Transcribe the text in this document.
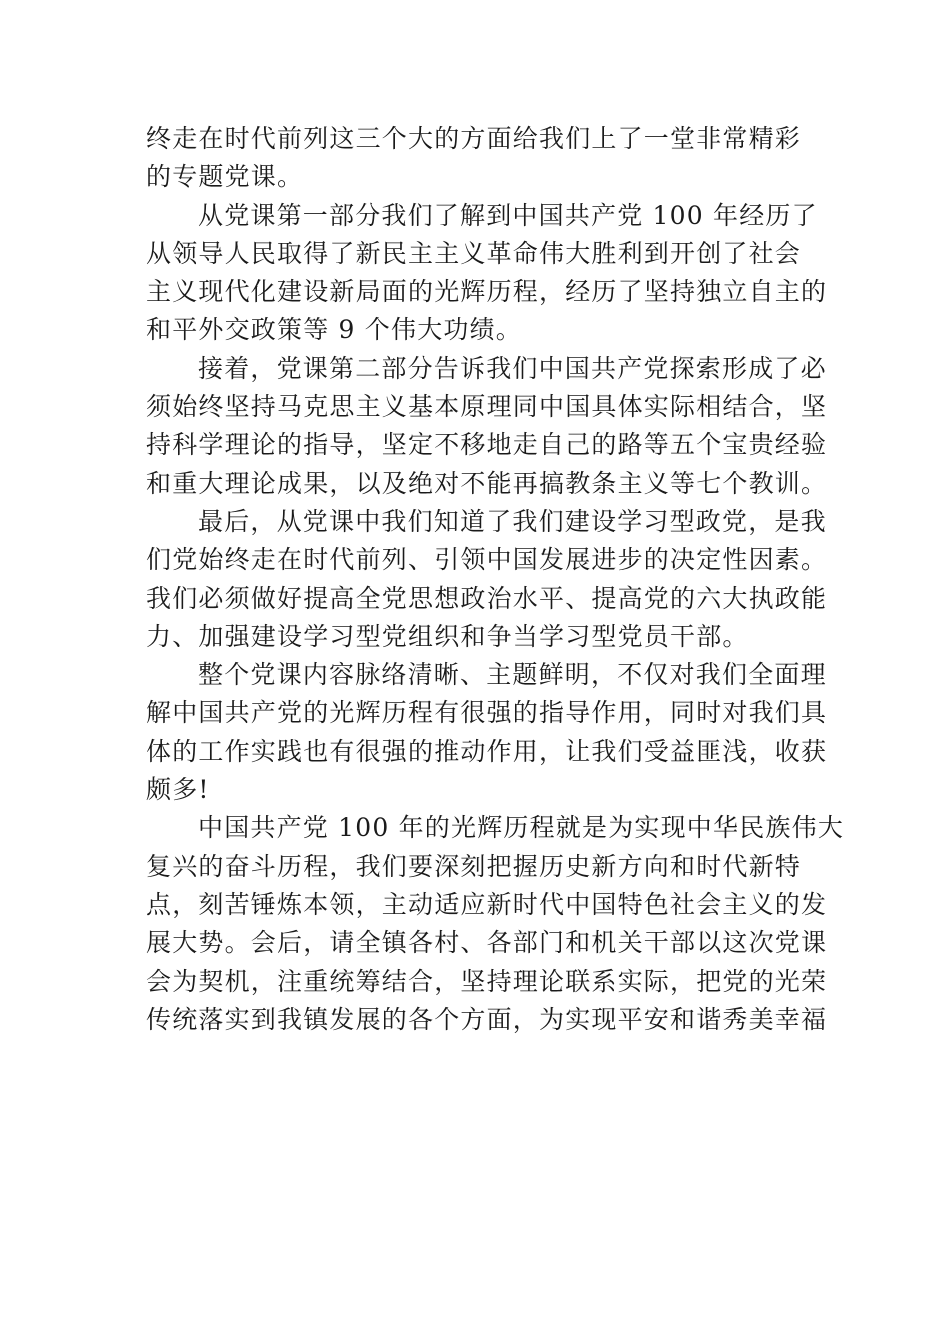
终走在时代前列这三个大的方面给我们上了一堂非常精彩
的专题党课。
从党课第一部分我们了解到中国共产党 100 年经历了
从领导人民取得了新民主主义革命伟大胜利到开创了社会
主义现代化建设新局面的光辉历程，经历了坚持独立自主的
和平外交政策等 9 个伟大功绩。
接着，党课第二部分告诉我们中国共产党探索形成了必
须始终坚持马克思主义基本原理同中国具体实际相结合，坚
持科学理论的指导，坚定不移地走自己的路等五个宝贵经验
和重大理论成果，以及绝对不能再搞教条主义等七个教训。
最后，从党课中我们知道了我们建设学习型政党，是我
们党始终走在时代前列、引领中国发展进步的决定性因素。
我们必须做好提高全党思想政治水平、提高党的六大执政能
力、加强建设学习型党组织和争当学习型党员干部。
整个党课内容脉络清晰、主题鲜明，不仅对我们全面理
解中国共产党的光辉历程有很强的指导作用，同时对我们具
体的工作实践也有很强的推动作用，让我们受益匪浅，收获
颇多!
中国共产党 100 年的光辉历程就是为实现中华民族伟大
复兴的奋斗历程，我们要深刻把握历史新方向和时代新特
点，刻苦锤炼本领，主动适应新时代中国特色社会主义的发
展大势。会后，请全镇各村、各部门和机关干部以这次党课
会为契机，注重统筹结合，坚持理论联系实际，把党的光荣
传统落实到我镇发展的各个方面，为实现平安和谐秀美幸福
